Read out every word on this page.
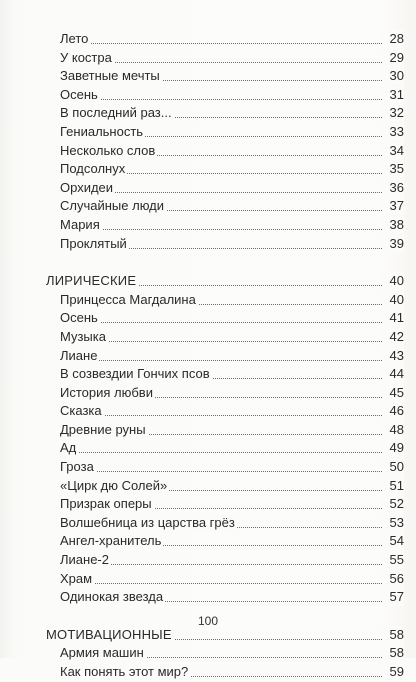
Лето	28
У костра	29
Заветные мечты	30
Осень	31
В последний раз...	32
Гениальность	33
Несколько слов	34
Подсолнух	35
Орхидеи	36
Случайные люди	37
Мария	38
Проклятый	39
ЛИРИЧЕСКИЕ	40
Принцесса Магдалина	40
Осень	41
Музыка	42
Лиане	43
В созвездии Гончих псов	44
История любви	45
Сказка	46
Древние руны	48
Ад	49
Гроза	50
«Цирк дю Солей»	51
Призрак оперы	52
Волшебница из царства грёз	53
Ангел-хранитель	54
Лиане-2	55
Храм	56
Одинокая звезда	57
МОТИВАЦИОННЫЕ	58
Армия машин	58
Как понять этот мир?	59
100
